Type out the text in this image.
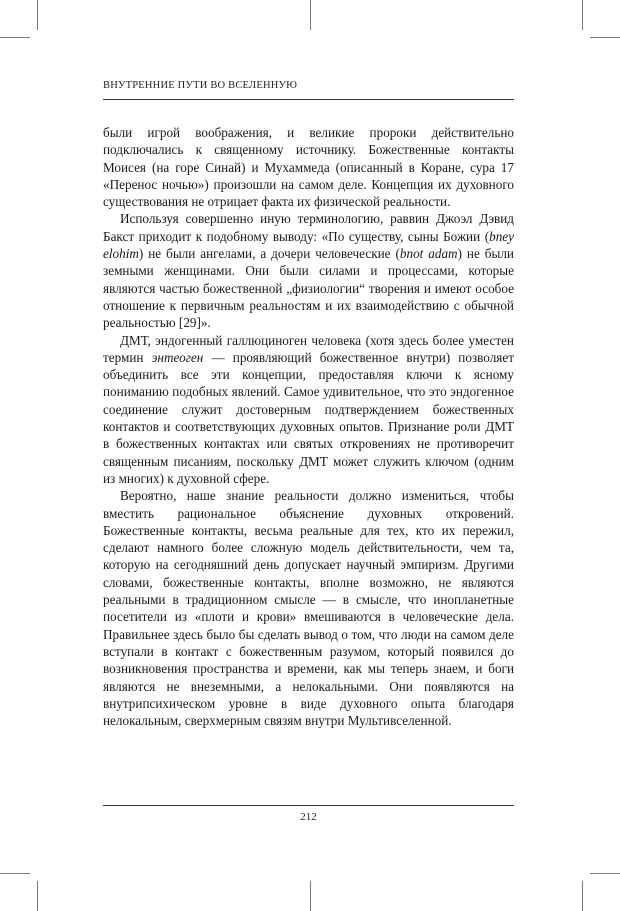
ВНУТРЕННИЕ ПУТИ ВО ВСЕЛЕННУЮ

были игрой воображения, и великие пророки действительно подключались к священному источнику. Божественные контакты Моисея (на горе Синай) и Мухаммеда (описанный в Коране, сура 17 «Перенос ночью») произошли на самом деле. Концепция их духовного существования не отрицает факта их физической реальности.

Используя совершенно иную терминологию, раввин Джоэл Дэвид Бакст приходит к подобному выводу: «По существу, сыны Божии (bney elohim) не были ангелами, а дочери человеческие (bnot adam) не были земными женщинами. Они были силами и процессами, которые являются частью божественной „физиологии“ творения и имеют особое отношение к первичным реальностям и их взаимодействию с обычной реальностью [29]».

ДМТ, эндогенный галлюциноген человека (хотя здесь более уместен термин энтеоген — проявляющий божественное внутри) позволяет объединить все эти концепции, предоставляя ключи к ясному пониманию подобных явлений. Самое удивительное, что это эндогенное соединение служит достоверным подтверждением божественных контактов и соответствующих духовных опытов. Признание роли ДМТ в божественных контактах или святых откровениях не противоречит священным писаниям, поскольку ДМТ может служить ключом (одним из многих) к духовной сфере.

Вероятно, наше знание реальности должно измениться, чтобы вместить рациональное объяснение духовных откровений. Божественные контакты, весьма реальные для тех, кто их пережил, сделают намного более сложную модель действительности, чем та, которую на сегодняшний день допускает научный эмпиризм. Другими словами, божественные контакты, вполне возможно, не являются реальными в традиционном смысле — в смысле, что инопланетные посетители из «плоти и крови» вмешиваются в человеческие дела. Правильнее здесь было бы сделать вывод о том, что люди на самом деле вступали в контакт с божественным разумом, который появился до возникновения пространства и времени, как мы теперь знаем, и боги являются не внеземными, а нелокальными. Они появляются на внутрипсихическом уровне в виде духовного опыта благодаря нелокальным, сверхмерным связям внутри Мультивселенной.

212
